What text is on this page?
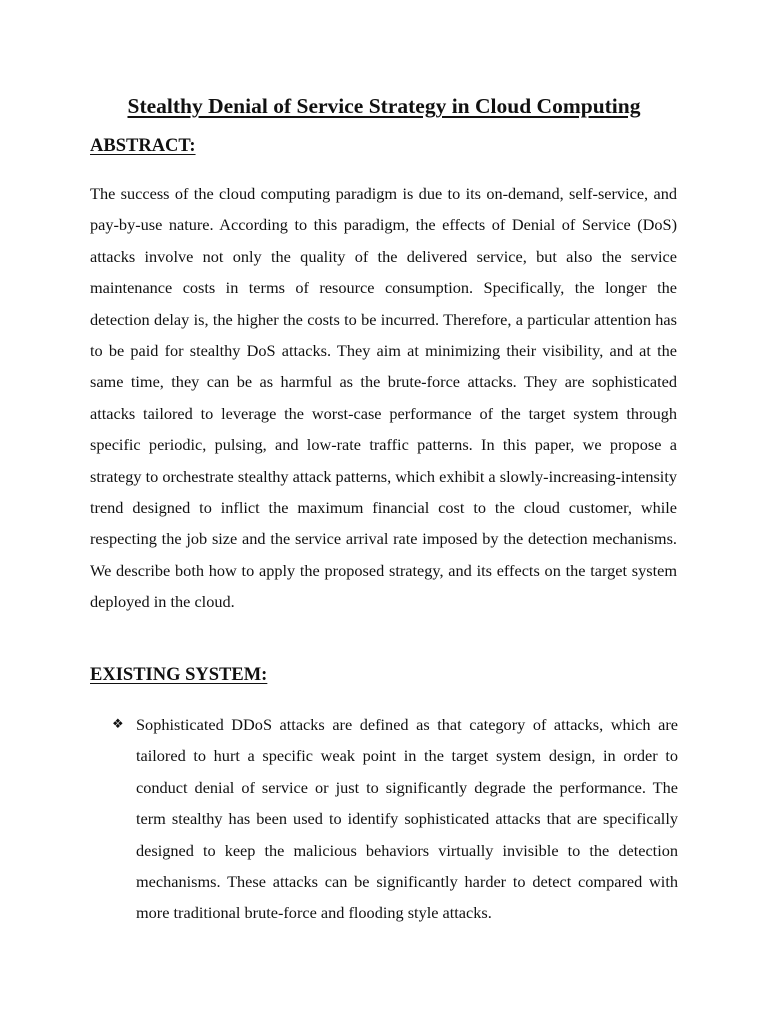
Stealthy Denial of Service Strategy in Cloud Computing
ABSTRACT:
The success of the cloud computing paradigm is due to its on-demand, self-service, and pay-by-use nature. According to this paradigm, the effects of Denial of Service (DoS) attacks involve not only the quality of the delivered service, but also the service maintenance costs in terms of resource consumption. Specifically, the longer the detection delay is, the higher the costs to be incurred. Therefore, a particular attention has to be paid for stealthy DoS attacks. They aim at minimizing their visibility, and at the same time, they can be as harmful as the brute-force attacks. They are sophisticated attacks tailored to leverage the worst-case performance of the target system through specific periodic, pulsing, and low-rate traffic patterns. In this paper, we propose a strategy to orchestrate stealthy attack patterns, which exhibit a slowly-increasing-intensity trend designed to inflict the maximum financial cost to the cloud customer, while respecting the job size and the service arrival rate imposed by the detection mechanisms. We describe both how to apply the proposed strategy, and its effects on the target system deployed in the cloud.
EXISTING SYSTEM:
❖ Sophisticated DDoS attacks are defined as that category of attacks, which are tailored to hurt a specific weak point in the target system design, in order to conduct denial of service or just to significantly degrade the performance. The term stealthy has been used to identify sophisticated attacks that are specifically designed to keep the malicious behaviors virtually invisible to the detection mechanisms. These attacks can be significantly harder to detect compared with more traditional brute-force and flooding style attacks.
